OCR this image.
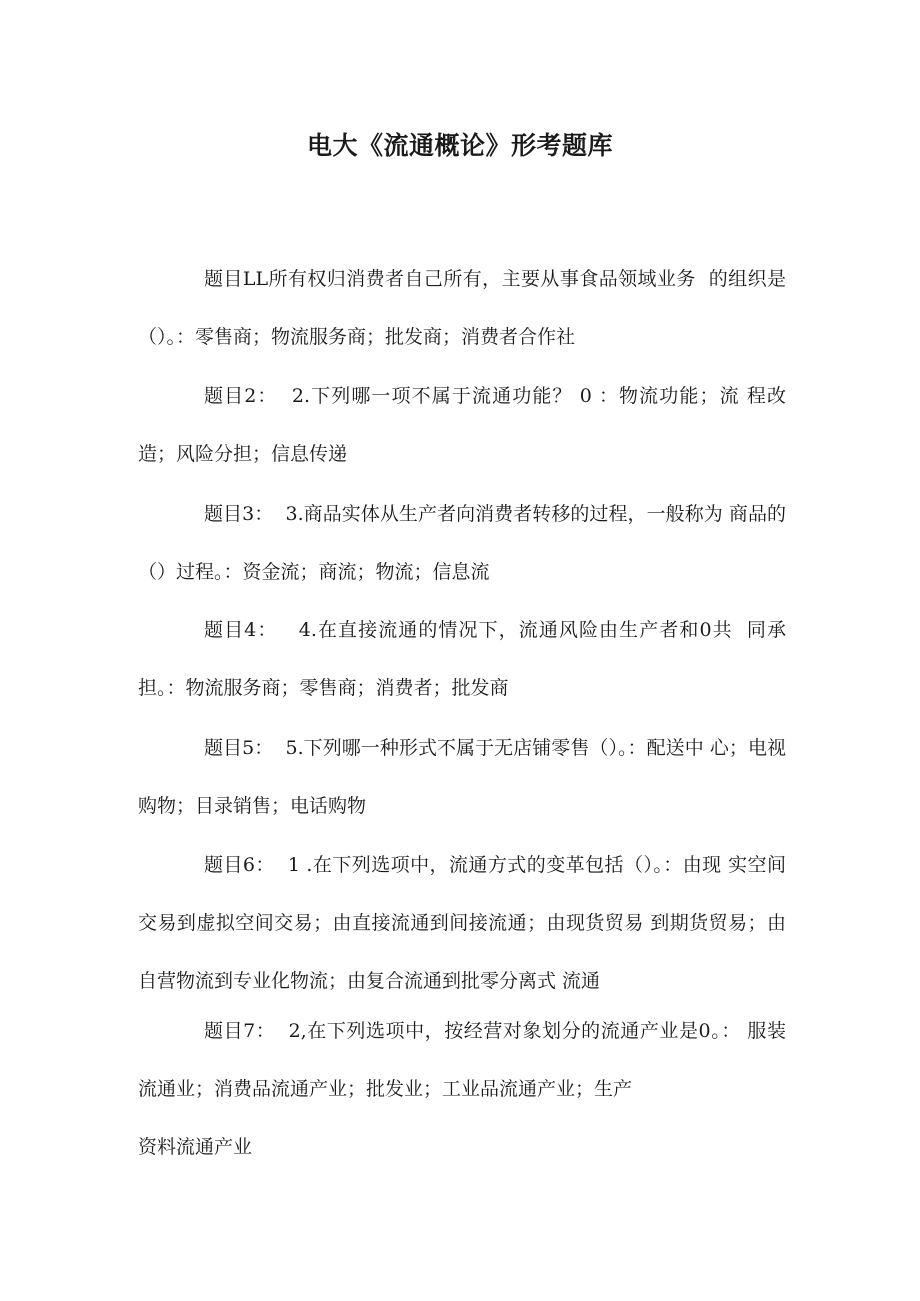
电大《流通概论》形考题库

题目LL所有权归消费者自己所有，主要从事食品领域业务  的组织是（）。：零售商；物流服务商；批发商；消费者合作社

题目2：  2.下列哪一项不属于流通功能？ 0 ：物流功能；流 程改造；风险分担；信息传递

题目3：  3.商品实体从生产者向消费者转移的过程，一般称为 商品的（）过程。：资金流；商流；物流；信息流

题目4：   4.在直接流通的情况下，流通风险由生产者和0共  同承担。：物流服务商；零售商；消费者；批发商

题目5：  5.下列哪一种形式不属于无店铺零售（）。：配送中 心；电视购物；目录销售；电话购物

题目6：  1 .在下列选项中，流通方式的变革包括（）。：由现 实空间交易到虚拟空间交易；由直接流通到间接流通；由现货贸易 到期货贸易；由自营物流到专业化物流；由复合流通到批零分离式 流通

题目7：  2,在下列选项中，按经营对象划分的流通产业是0。： 服装流通业；消费品流通产业；批发业；工业品流通产业；生产
资料流通产业
